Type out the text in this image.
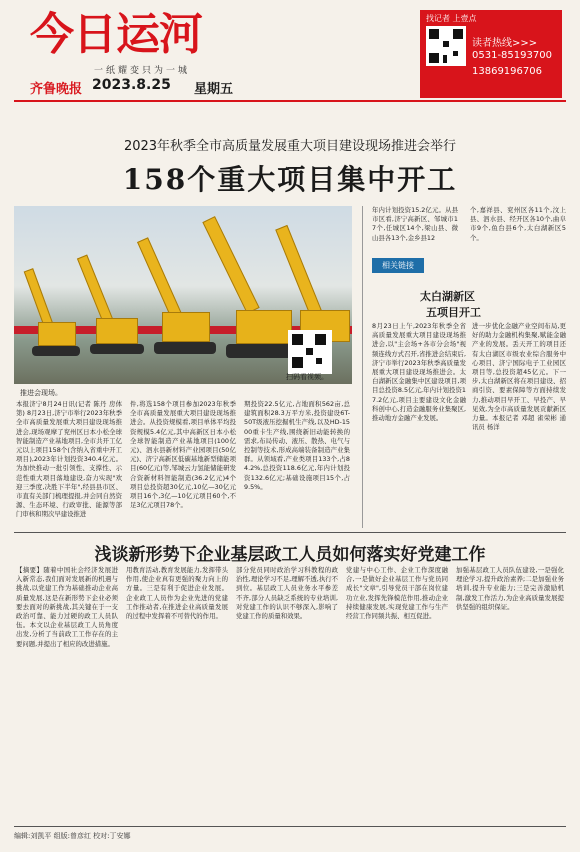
今日运河
一纸耀变只为一城
齐鲁晚报 2023.8.25 星期五
找记者 上壹点
读者热线>>>
0531-85193700
13869196706
2023年秋季全市高质量发展重大项目建设现场推进会举行
158个重大项目集中开工
扫码看视频。
推进会现场。
年内计划投资15.2亿元。从县市区看,济宁高新区、邹城市17个,任城区14个,梁山县、微山县各13个,金乡县12
个,嘉祥县、兖州区各11个,汶上县、泗水县、经开区各10个,曲阜市9个,鱼台县6个,太白湖新区5个。
相关链接
太白湖新区
五项目开工
本报济宁8月24日讯(记者 陈丹 房体第) 8月23日,济宁市举行2023年秋季全市高质量发展重大项目建设现场推进会,现场观摩了兖州区日本小松全球智能制造产业基地项目,全市共开工亿元以上项目158个(含纳入省重中开工项目),2023年计划投资340.4亿元。为加快推动一批引领性、支撑性、示范性重大项目落地建设,奋力实现"欢迎三季度,决胜下半年",经县县市区、市直有关部门梳理提报,并会同自然资源、生态环境、行政审批、能源等部门审核和期次早建设推进
件,将选158个项目参加2023年秋季全市高质量发展重大项目建设现场推进会。从投资规模看,项目单体平均投资规模5.4亿元,其中高新区日本小松全球智能制造产业基地项目(100亿元)、泗水县新材料产业园项目(50亿元)、济宁高新区低碳基地新型储能项目(60亿元)等,邹城云力氢能储能研发合资新材料智能制造(36.2亿元)4个项目总投资超30亿元,10亿—30亿元项目16个,3亿—10亿元项目60个,不足3亿元项目78个。
期投资22.5亿元,占地面积562亩,总建筑面积28.3万平方米,投资建设6T-50T级液压挖掘机生产线,以及HD-1500重卡生产线,围绕新旧动能转换的需求,布局传动、液压、散热、电气与控制等技术,形成高端装备制造产业集群。从领域看,产业类项目133个,占84.2%,总投资118.6亿元,年内计划投资132.6亿元;基础设施项目15个,占9.5%。
8月23日上午,2023年秋季全省高质量发展重大项目建设现场推进会,以"主会场+各市分会场"视频连线方式召开,省推进会结束后,济宁市举行2023年秋季高质量发展重大项目建设现场推进会。太白湖新区金融集中区建设项目,项目总投资8.5亿元,年内计划投资17.2亿元,项目主要建设文化金融科创中心,打造金融服务业集聚区,推动地方金融产业发展。
进一步优化金融产业空间布局,更好的助力金融机构集聚,赋能金融产业的发展。丢天开工的项目还有太白湖区市级农业综合服务中心项目、济宁国际电子工业园区项目等,总投资超45亿元。下一步,太白湖新区将在项目建设、招商引资、要素保障等方面持续发力,推动项目早开工、早投产、早见效,为全市高质量发展贡献新区力量。本报记者 邓超 雀荣彬 通讯员 杨洋
浅谈新形势下企业基层政工人员如何落实好党建工作
【摘要】随着中国社会经济发展进入新常态,我们面对发展新的机遇与挑战,以党建工作为基础推动企业高质量发展,这是在新形势下企业必须要去面对的新挑战,其关键在于一支政治可靠、能力过硬的政工人员队伍。本文以企业基层政工人员角度出发,分析了当前政工工作存在的主要问题,并提出了相应的改进措施。
用教育活动,教育发展能力,发挥带头作用,使企业真有更强的聚力向上的方量。三是有利于促进企业发展。企业政工人员作为企业先进的党建工作推动者,在推进企业高质量发展的过程中发挥着不可替代的作用。
部分党员同时政治学习科教程的政治性,理论学习不足,理解不透,执行不到位。基层政工人员业务水平参差不齐,部分人员缺乏系统的专业培训,对党建工作的认识不够深入,影响了党建工作的质量和效果。
党建与中心工作、企业工作深度融合,一是做好企业基层工作与党员同成长"文章",引导党员干部在岗位建功立业,发挥先锋模范作用,推动企业持续健康发展,实现党建工作与生产经营工作同频共振、相互促进。
加强基层政工人员队伍建设,一是强化理论学习,提升政治素养;二是加强业务培训,提升专业能力;三是完善激励机制,激发工作活力,为企业高质量发展提供坚强的组织保证。
编辑:刘凯平 组版:曾彦红 校对:丁安娜
